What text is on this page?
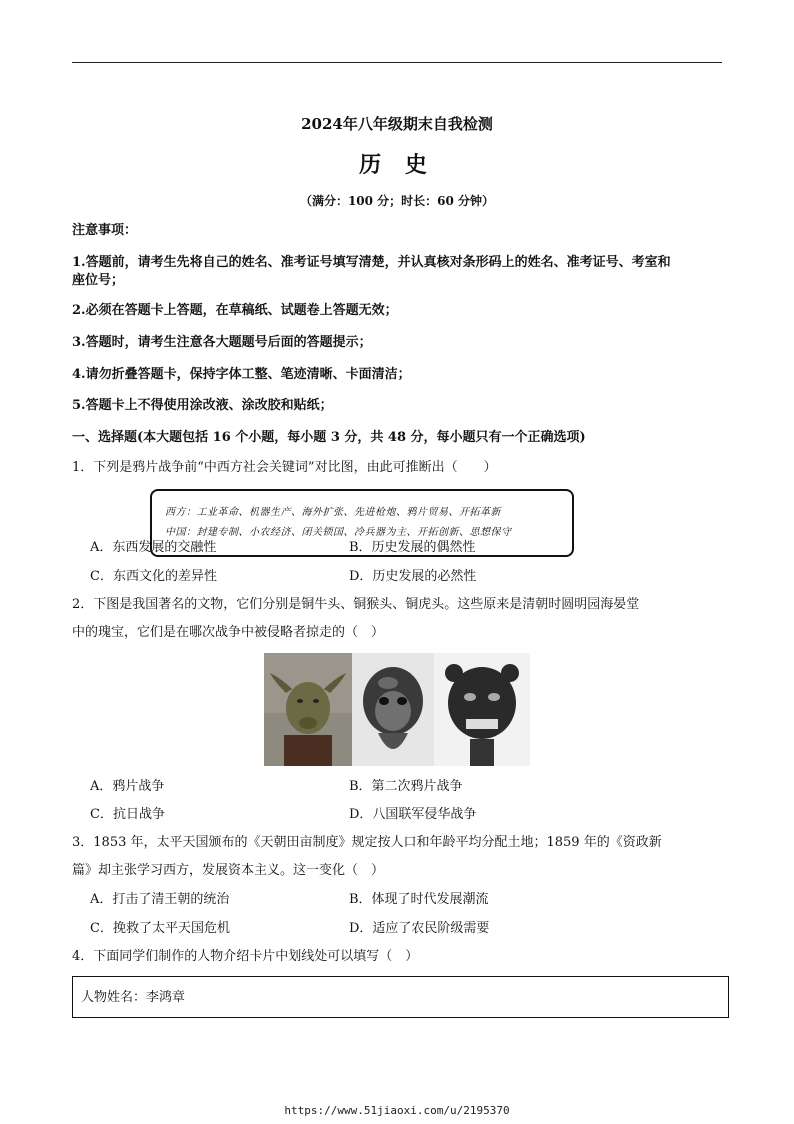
2024年八年级期末自我检测
历 史
（满分：100 分；时长：60 分钟）
注意事项：
1.答题前，请考生先将自己的姓名、准考证号填写清楚，并认真核对条形码上的姓名、准考证号、考室和
座位号；
2.必须在答题卡上答题，在草稿纸、试题卷上答题无效；
3.答题时，请考生注意各大题题号后面的答题提示；
4.请勿折叠答题卡，保持字体工整、笔迹清晰、卡面清洁；
5.答题卡上不得使用涂改液、涂改胶和贴纸；
一、选择题(本大题包括 16 个小题，每小题 3 分，共 48 分，每小题只有一个正确选项)
1．下列是鸦片战争前“中西方社会关键词”对比图，由此可推断出（　　）
西方：工业革命、机器生产、海外扩张、先进枪炮、鸦片贸易、开拓革新
中国：封建专制、小农经济、闭关锁国、冷兵器为主、开拓创新、思想保守
A．东西发展的交融性	B．历史发展的偶然性
C．东西文化的差异性	D．历史发展的必然性
2．下图是我国著名的文物，它们分别是铜牛头、铜猴头、铜虎头。这些原来是清朝时圆明园海晏堂
中的瑰宝，它们是在哪次战争中被侵略者掠走的（　）
A．鸦片战争	B．第二次鸦片战争
C．抗日战争	D．八国联军侵华战争
3．1853 年，太平天国颁布的《天朝田亩制度》规定按人口和年龄平均分配土地；1859 年的《资政新
篇》却主张学习西方，发展资本主义。这一变化（　）
A．打击了清王朝的统治	B．体现了时代发展潮流
C．挽救了太平天国危机	D．适应了农民阶级需要
4．下面同学们制作的人物介绍卡片中划线处可以填写（　）
人物姓名：李鸿章
https://www.51jiaoxi.com/u/2195370
